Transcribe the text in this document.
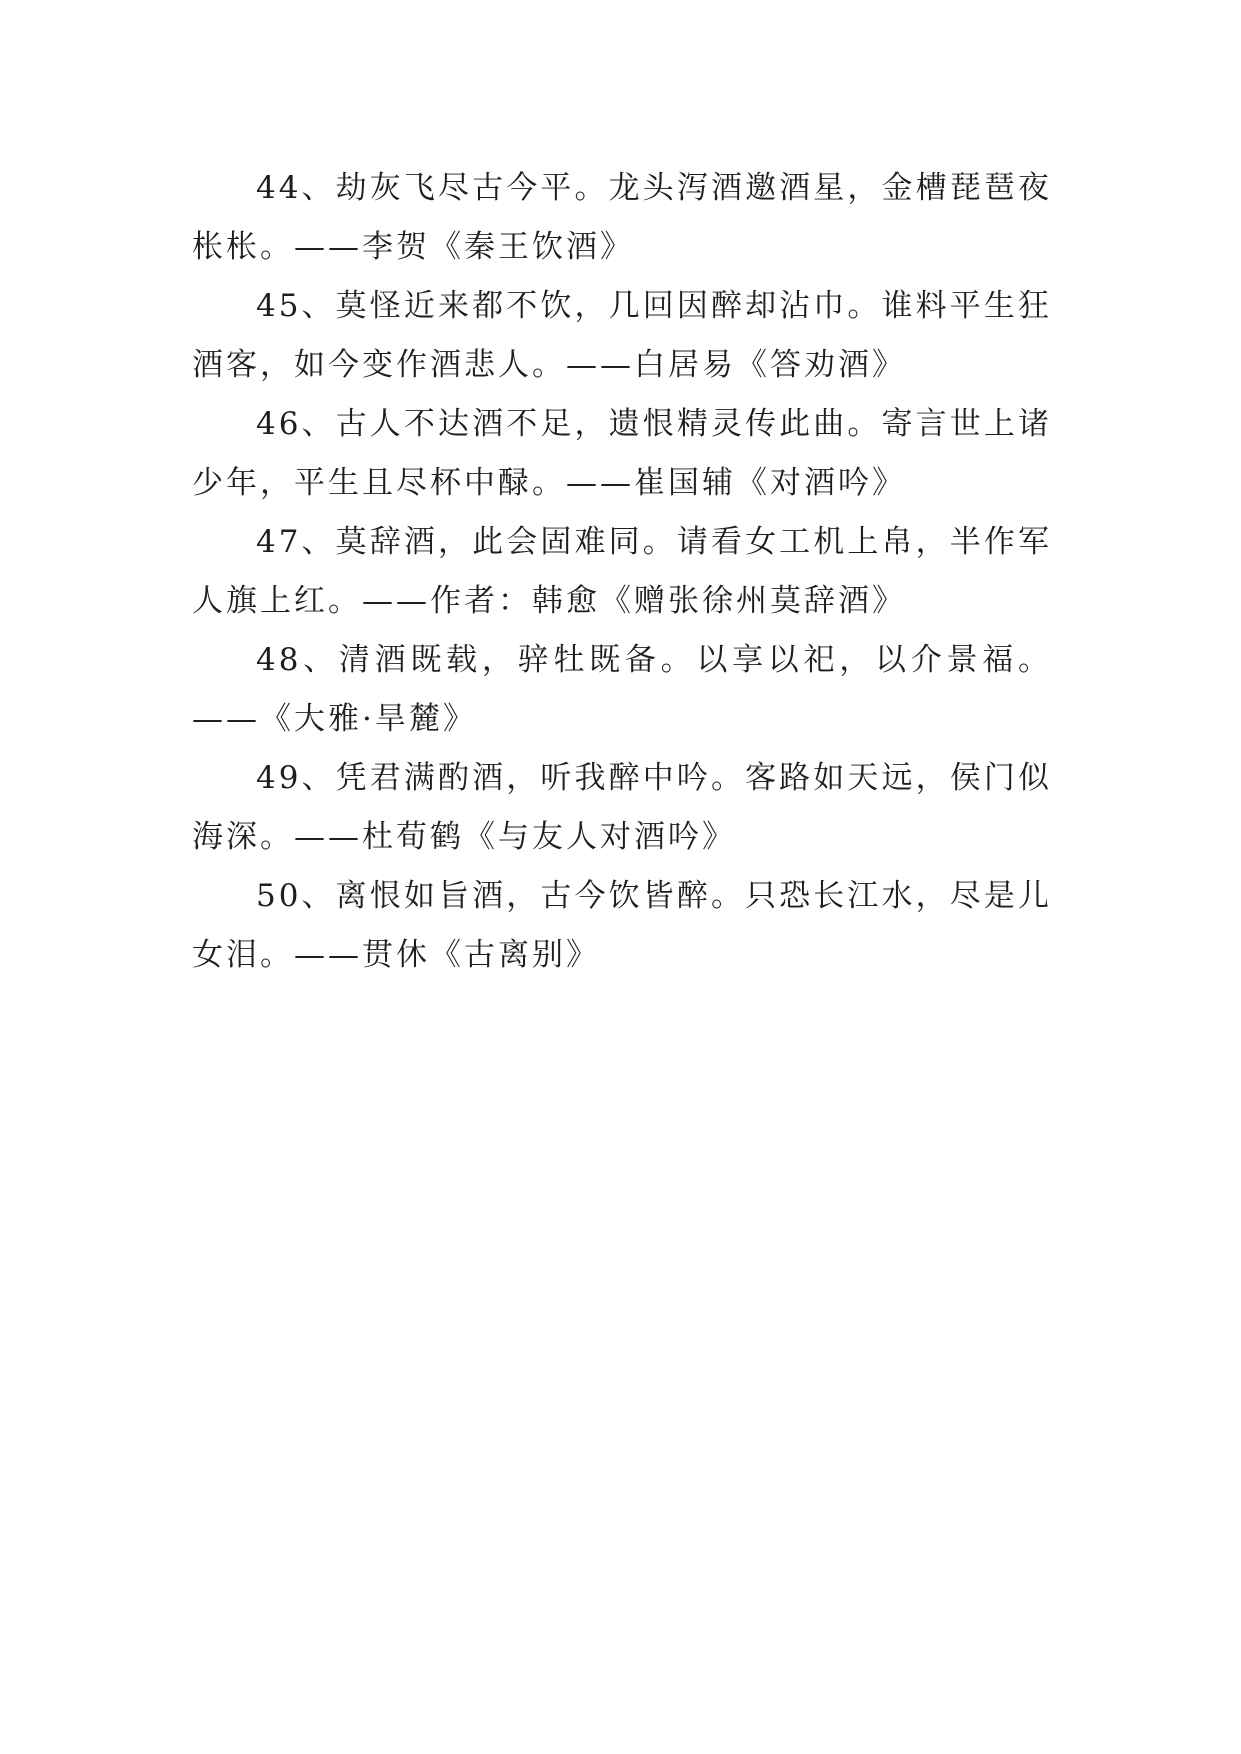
44、劫灰飞尽古今平。龙头泻酒邀酒星，金槽琵琶夜枨枨。——李贺《秦王饮酒》

45、莫怪近来都不饮，几回因醉却沾巾。谁料平生狂酒客，如今变作酒悲人。——白居易《答劝酒》

46、古人不达酒不足，遗恨精灵传此曲。寄言世上诸少年，平生且尽杯中醁。——崔国辅《对酒吟》

47、莫辞酒，此会固难同。请看女工机上帛，半作军人旗上红。——作者：韩愈《赠张徐州莫辞酒》

48、清酒既载，骍牡既备。以享以祀，以介景福。——《大雅·旱麓》

49、凭君满酌酒，听我醉中吟。客路如天远，侯门似海深。——杜荀鹤《与友人对酒吟》

50、离恨如旨酒，古今饮皆醉。只恐长江水，尽是儿女泪。——贯休《古离别》
